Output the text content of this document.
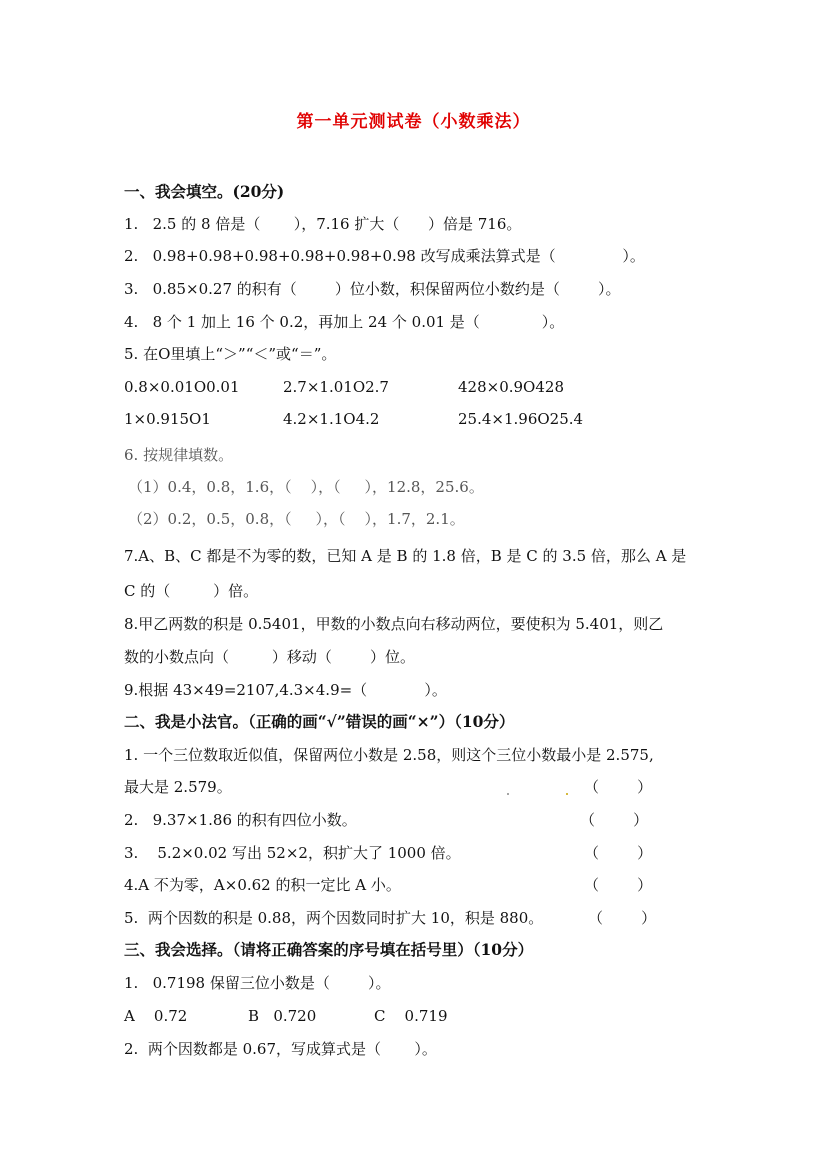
第一单元测试卷（小数乘法）
一、我会填空。(20分)
1.   2.5 的 8 倍是（       ），7.16 扩大（      ）倍是 716。
2.   0.98+0.98+0.98+0.98+0.98+0.98 改写成乘法算式是（              ）。
3.   0.85×0.27 的积有（        ）位小数，积保留两位小数约是（        ）。
4.   8 个 1 加上 16 个 0.2，再加上 24 个 0.01 是（             ）。
5. 在O里填上“＞”“＜”或“＝”。
0.8×0.01O0.01	2.7×1.01O2.7	428×0.9O428
1×0.915O1	4.2×1.1O4.2	25.4×1.96O25.4
6. 按规律填数。
（1）0.4，0.8，1.6，（    ），（     ），12.8，25.6。
（2）0.2，0.5，0.8，（     ），（    ），1.7，2.1。
7.A、B、C 都是不为零的数，已知 A 是 B 的 1.8 倍，B 是 C 的 3.5 倍，那么 A 是
C 的（         ）倍。
8.甲乙两数的积是 0.5401，甲数的小数点向右移动两位，要使积为 5.401，则乙
数的小数点向（         ）移动（        ）位。
9.根据 43×49=2107,4.3×4.9=（            ）。
二、我是小法官。（正确的画“√”错误的画“×”）（10分）
1. 一个三位数取近似值，保留两位小数是 2.58，则这个三位小数最小是 2.575,
最大是 2.579。	（        ）
2.   9.37×1.86 的积有四位小数。	（        ）
3.    5.2×0.02 写出 52×2，积扩大了 1000 倍。	（        ）
4.A 不为零，A×0.62 的积一定比 A 小。	（        ）
5.  两个因数的积是 0.88，两个因数同时扩大 10，积是 880。	（        ）
三、我会选择。（请将正确答案的序号填在括号里）（10分）
1.   0.7198 保留三位小数是（        ）。
A    0.72	B   0.720	C    0.719
2.  两个因数都是 0.67，写成算式是（       ）。
